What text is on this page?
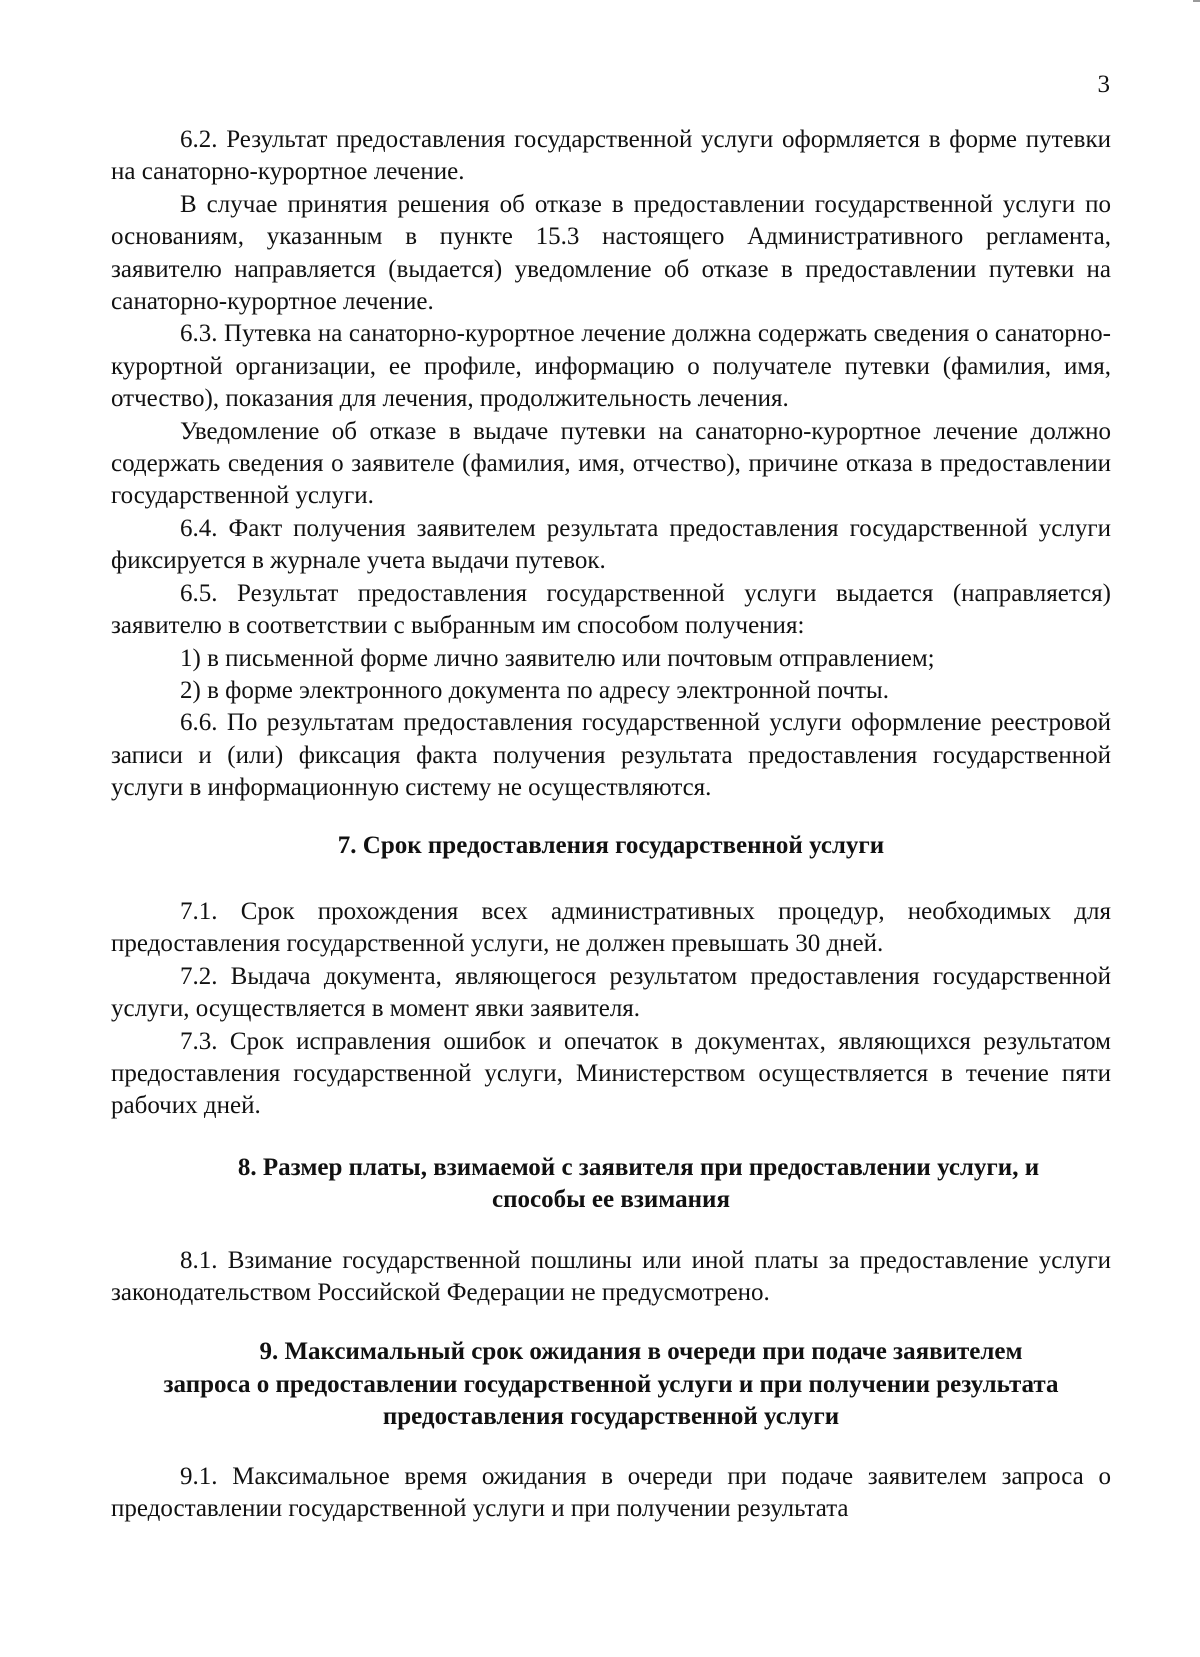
3

6.2. Результат предоставления государственной услуги оформляется в форме путевки на санаторно-курортное лечение.

В случае принятия решения об отказе в предоставлении государственной услуги по основаниям, указанным в пункте 15.3 настоящего Административного регламента, заявителю направляется (выдается) уведомление об отказе в предоставлении путевки на санаторно-курортное лечение.

6.3. Путевка на санаторно-курортное лечение должна содержать сведения о санаторно-курортной организации, ее профиле, информацию о получателе путевки (фамилия, имя, отчество), показания для лечения, продолжительность лечения.

Уведомление об отказе в выдаче путевки на санаторно-курортное лечение должно содержать сведения о заявителе (фамилия, имя, отчество), причине отказа в предоставлении государственной услуги.

6.4. Факт получения заявителем результата предоставления государственной услуги фиксируется в журнале учета выдачи путевок.

6.5. Результат предоставления государственной услуги выдается (направляется) заявителю в соответствии с выбранным им способом получения:

1) в письменной форме лично заявителю или почтовым отправлением;

2) в форме электронного документа по адресу электронной почты.

6.6. По результатам предоставления государственной услуги оформление реестровой записи и (или) фиксация факта получения результата предоставления государственной услуги в информационную систему не осуществляются.

7. Срок предоставления государственной услуги

7.1. Срок прохождения всех административных процедур, необходимых для предоставления государственной услуги, не должен превышать 30 дней.

7.2. Выдача документа, являющегося результатом предоставления государственной услуги, осуществляется в момент явки заявителя.

7.3. Срок исправления ошибок и опечаток в документах, являющихся результатом предоставления государственной услуги, Министерством осуществляется в течение пяти рабочих дней.

8. Размер платы, взимаемой с заявителя при предоставлении услуги, и
способы ее взимания

8.1. Взимание государственной пошлины или иной платы за предоставление услуги законодательством Российской Федерации не предусмотрено.

9. Максимальный срок ожидания в очереди при подаче заявителем
запроса о предоставлении государственной услуги и при получении результата
предоставления государственной услуги

9.1. Максимальное время ожидания в очереди при подаче заявителем запроса о предоставлении государственной услуги и при получении результата
